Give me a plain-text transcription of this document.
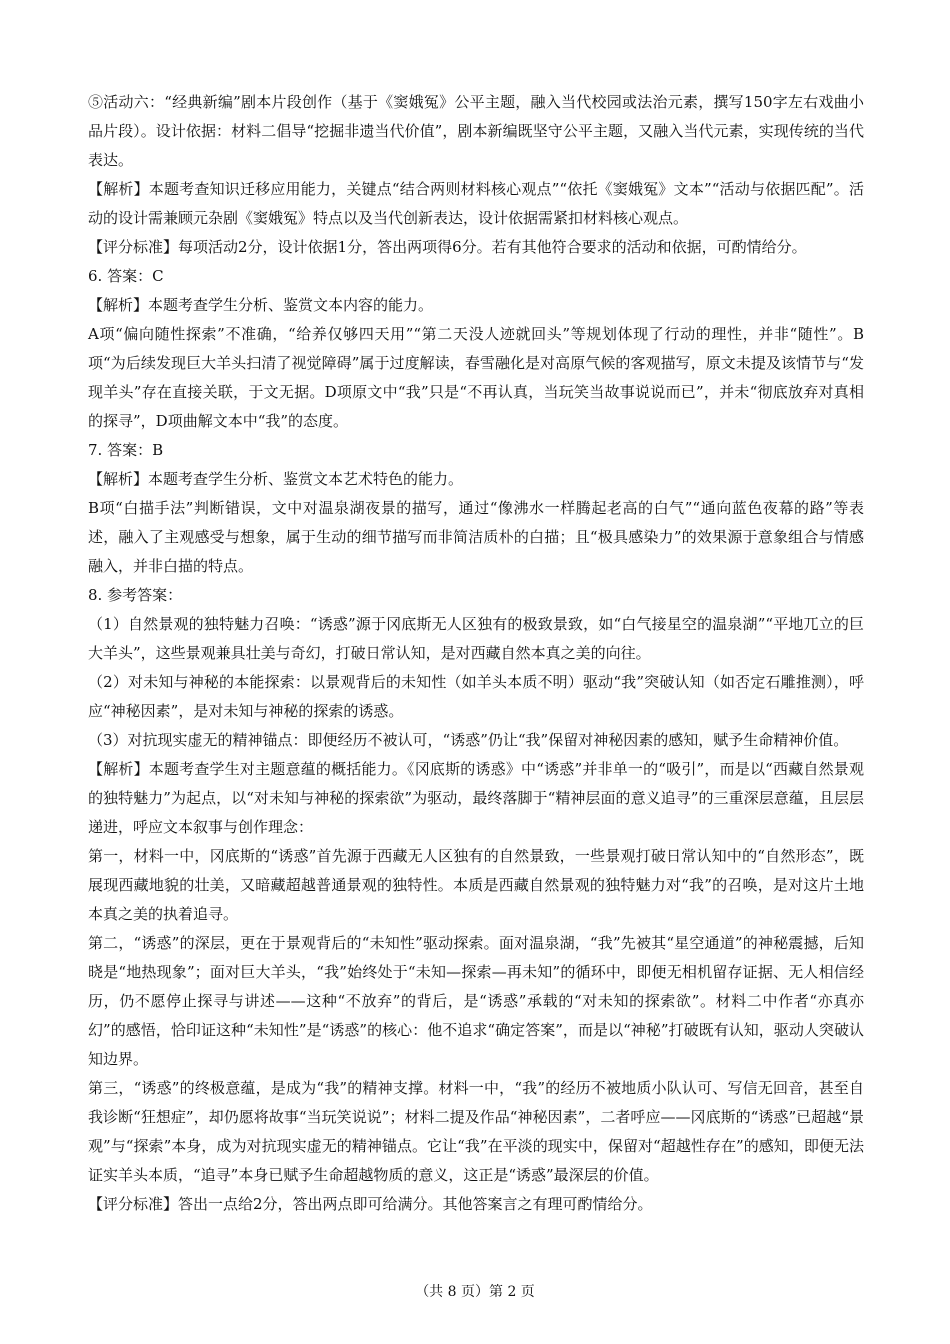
⑤活动六：“经典新编”剧本片段创作（基于《窦娥冤》公平主题，融入当代校园或法治元素，撰写150字左右戏曲小品片段）。设计依据：材料二倡导“挖掘非遗当代价值”，剧本新编既坚守公平主题，又融入当代元素，实现传统的当代表达。

【解析】本题考查知识迁移应用能力，关键点“结合两则材料核心观点”“依托《窦娥冤》文本”“活动与依据匹配”。活动的设计需兼顾元杂剧《窦娥冤》特点以及当代创新表达，设计依据需紧扣材料核心观点。

【评分标准】每项活动2分，设计依据1分，答出两项得6分。若有其他符合要求的活动和依据，可酌情给分。

6. 答案：C

【解析】本题考查学生分析、鉴赏文本内容的能力。

A项“偏向随性探索”不准确，“给养仅够四天用”“第二天没人迹就回头”等规划体现了行动的理性，并非“随性”。B项“为后续发现巨大羊头扫清了视觉障碍”属于过度解读，春雪融化是对高原气候的客观描写，原文未提及该情节与“发现羊头”存在直接关联，于文无据。D项原文中“我”只是“不再认真，当玩笑当故事说说而已”，并未“彻底放弃对真相的探寻”，D项曲解文本中“我”的态度。

7. 答案：B

【解析】本题考查学生分析、鉴赏文本艺术特色的能力。

B项“白描手法”判断错误，文中对温泉湖夜景的描写，通过“像沸水一样腾起老高的白气”“通向蓝色夜幕的路”等表述，融入了主观感受与想象，属于生动的细节描写而非简洁质朴的白描；且“极具感染力”的效果源于意象组合与情感融入，并非白描的特点。

8. 参考答案：

（1）自然景观的独特魅力召唤：“诱惑”源于冈底斯无人区独有的极致景致，如“白气接星空的温泉湖”“平地兀立的巨大羊头”，这些景观兼具壮美与奇幻，打破日常认知，是对西藏自然本真之美的向往。

（2）对未知与神秘的本能探索：以景观背后的未知性（如羊头本质不明）驱动“我”突破认知（如否定石雕推测），呼应“神秘因素”，是对未知与神秘的探索的诱惑。

（3）对抗现实虚无的精神锚点：即便经历不被认可，“诱惑”仍让“我”保留对神秘因素的感知，赋予生命精神价值。

【解析】本题考查学生对主题意蕴的概括能力。《冈底斯的诱惑》中“诱惑”并非单一的“吸引”，而是以“西藏自然景观的独特魅力”为起点，以“对未知与神秘的探索欲”为驱动，最终落脚于“精神层面的意义追寻”的三重深层意蕴，且层层递进，呼应文本叙事与创作理念：

第一，材料一中，冈底斯的“诱惑”首先源于西藏无人区独有的自然景致，一些景观打破日常认知中的“自然形态”，既展现西藏地貌的壮美，又暗藏超越普通景观的独特性。本质是西藏自然景观的独特魅力对“我”的召唤，是对这片土地本真之美的执着追寻。

第二，“诱惑”的深层，更在于景观背后的“未知性”驱动探索。面对温泉湖，“我”先被其“星空通道”的神秘震撼，后知晓是“地热现象”；面对巨大羊头，“我”始终处于“未知—探索—再未知”的循环中，即便无相机留存证据、无人相信经历，仍不愿停止探寻与讲述——这种“不放弃”的背后，是“诱惑”承载的“对未知的探索欲”。材料二中作者“亦真亦幻”的感悟，恰印证这种“未知性”是“诱惑”的核心：他不追求“确定答案”，而是以“神秘”打破既有认知，驱动人突破认知边界。

第三，“诱惑”的终极意蕴，是成为“我”的精神支撑。材料一中，“我”的经历不被地质小队认可、写信无回音，甚至自我诊断“狂想症”，却仍愿将故事“当玩笑说说”；材料二提及作品“神秘因素”，二者呼应——冈底斯的“诱惑”已超越“景观”与“探索”本身，成为对抗现实虚无的精神锚点。它让“我”在平淡的现实中，保留对“超越性存在”的感知，即便无法证实羊头本质，“追寻”本身已赋予生命超越物质的意义，这正是“诱惑”最深层的价值。

【评分标准】答出一点给2分，答出两点即可给满分。其他答案言之有理可酌情给分。

（共 8 页）第 2 页
